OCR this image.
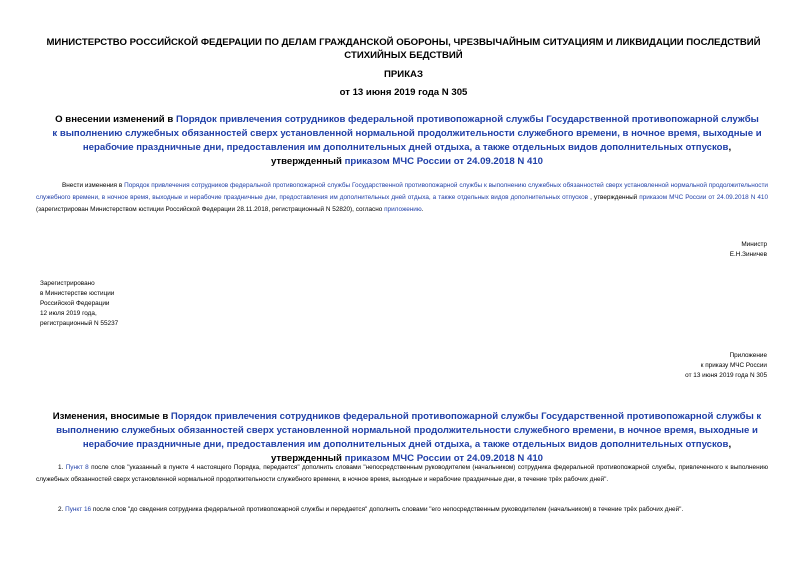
МИНИСТЕРСТВО РОССИЙСКОЙ ФЕДЕРАЦИИ ПО ДЕЛАМ ГРАЖДАНСКОЙ ОБОРОНЫ, ЧРЕЗВЫЧАЙНЫМ СИТУАЦИЯМ И ЛИКВИДАЦИИ ПОСЛЕДСТВИЙ СТИХИЙНЫХ БЕДСТВИЙ
ПРИКАЗ
от 13 июня 2019 года N 305
О внесении изменений в Порядок привлечения сотрудников федеральной противопожарной службы Государственной противопожарной службы к выполнению служебных обязанностей сверх установленной нормальной продолжительности служебного времени, в ночное время, выходные и нерабочие праздничные дни, предоставления им дополнительных дней отдыха, а также отдельных видов дополнительных отпусков, утвержденный приказом МЧС России от 24.09.2018 N 410
Внести изменения в Порядок привлечения сотрудников федеральной противопожарной службы Государственной противопожарной службы к выполнению служебных обязанностей сверх установленной нормальной продолжительности служебного времени, в ночное время, выходные и нерабочие праздничные дни, предоставления им дополнительных дней отдыха, а также отдельных видов дополнительных отпусков , утвержденный приказом МЧС России от 24.09.2018 N 410 (зарегистрирован Министерством юстиции Российской Федерации 28.11.2018, регистрационный N 52820), согласно приложению.
Министр
Е.Н.Зиничев
Зарегистрировано
в Министерстве юстиции
Российской Федерации
12 июля 2019 года,
регистрационный N 55237
Приложение
к приказу МЧС России
от 13 июня 2019 года N 305
Изменения, вносимые в Порядок привлечения сотрудников федеральной противопожарной службы Государственной противопожарной службы к выполнению служебных обязанностей сверх установленной нормальной продолжительности служебного времени, в ночное время, выходные и нерабочие праздничные дни, предоставления им дополнительных дней отдыха, а также отдельных видов дополнительных отпусков, утвержденный приказом МЧС России от 24.09.2018 N 410
1. Пункт 8 после слов "указанный в пункте 4 настоящего Порядка, передается" дополнить словами "непосредственным руководителем (начальником) сотрудника федеральной противопожарной службы, привлеченного к выполнению служебных обязанностей сверх установленной нормальной продолжительности служебного времени, в ночное время, выходные и нерабочие праздничные дни, в течение трёх рабочих дней".
2. Пункт 16 после слов "до сведения сотрудника федеральной противопожарной службы и передается" дополнить словами "его непосредственным руководителем (начальником) в течение трёх рабочих дней".
